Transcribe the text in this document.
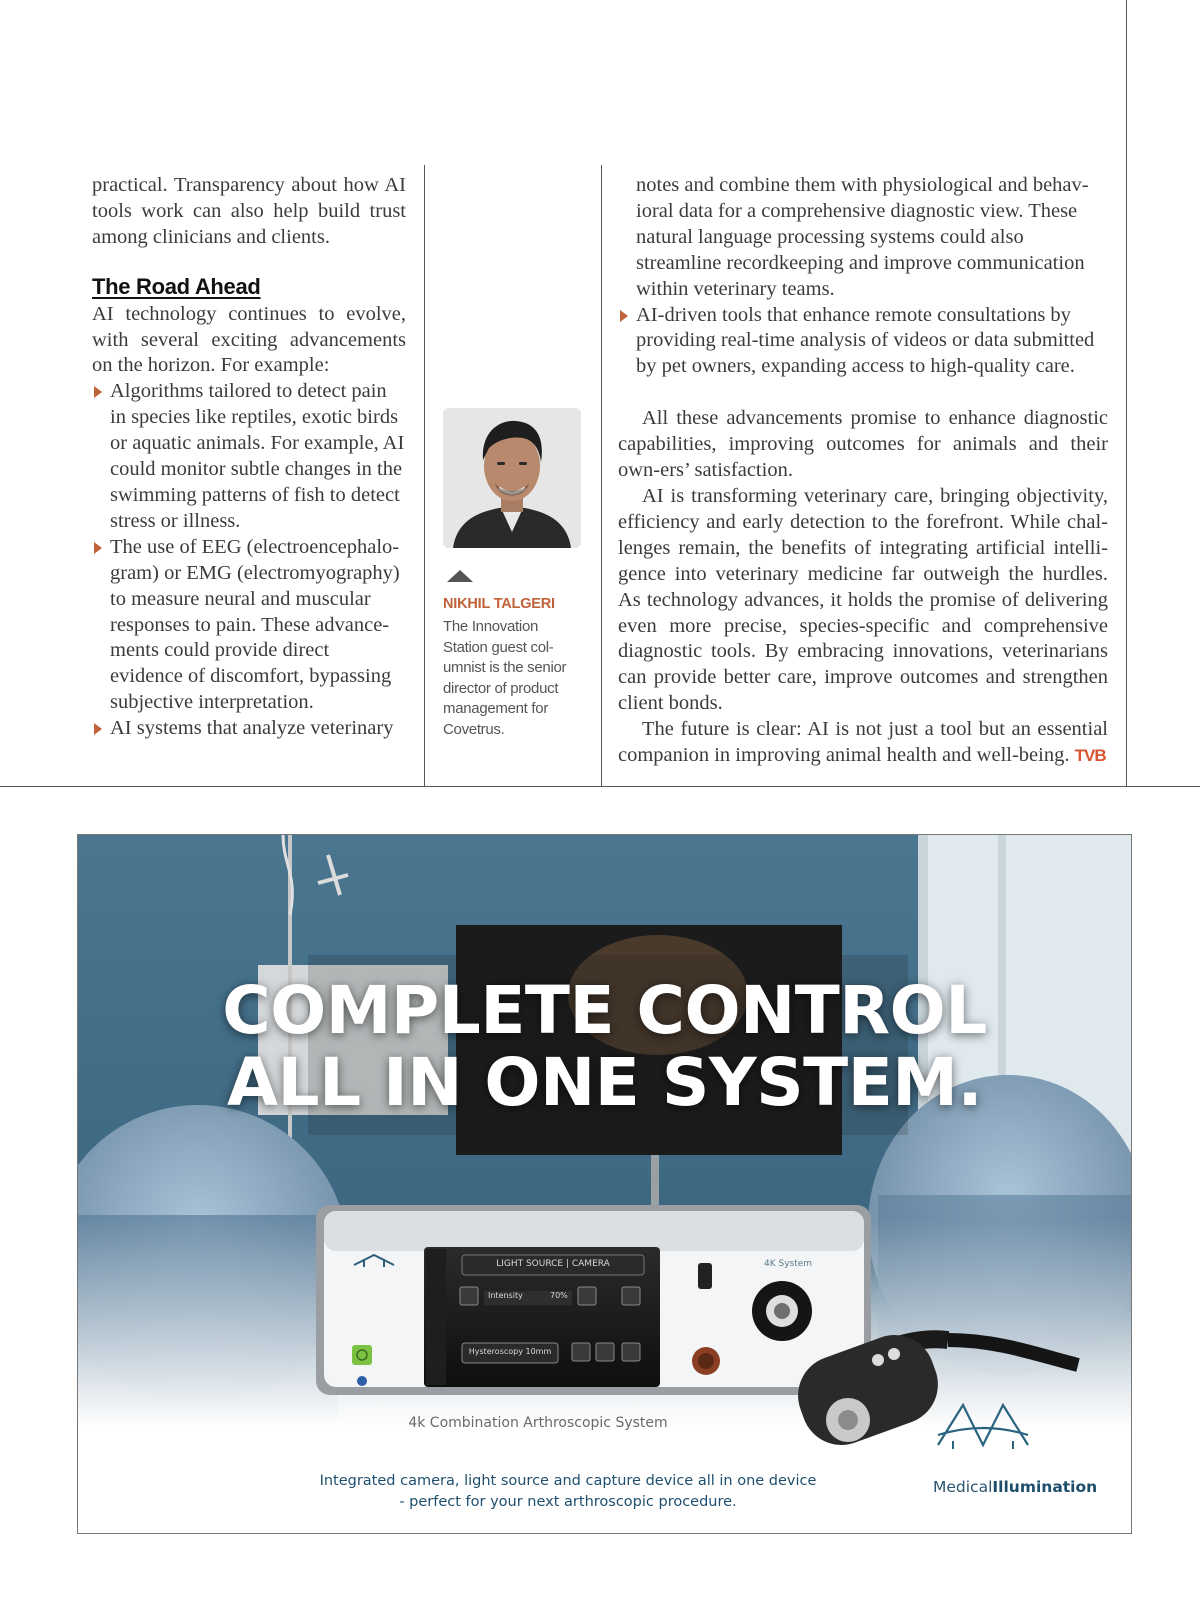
practical. Transparency about how AI tools work can also help build trust among clinicians and clients.

The Road Ahead

AI technology continues to evolve, with several exciting advancements on the horizon. For example:

Algorithms tailored to detect pain in species like reptiles, exotic birds or aquatic animals. For example, AI could monitor subtle changes in the swimming patterns of fish to detect stress or illness.
The use of EEG (electroencephalo-gram) or EMG (electromyography) to measure neural and muscular responses to pain. These advance-ments could provide direct evidence of discomfort, bypassing subjective interpretation.
AI systems that analyze veterinary
NIKHIL TALGERI
The Innovation Station guest col-umnist is the senior director of product management for Covetrus.
notes and combine them with physiological and behav-ioral data for a comprehensive diagnostic view. These natural language processing systems could also streamline recordkeeping and improve communication within veterinary teams.
AI-driven tools that enhance remote consultations by providing real-time analysis of videos or data submitted by pet owners, expanding access to high-quality care.

All these advancements promise to enhance diagnostic capabilities, improving outcomes for animals and their own-ers’ satisfaction.

AI is transforming veterinary care, bringing objectivity, efficiency and early detection to the forefront. While chal-lenges remain, the benefits of integrating artificial intelli-gence into veterinary medicine far outweigh the hurdles. As technology advances, it holds the promise of delivering even more precise, species-specific and comprehensive diagnostic tools. By embracing innovations, veterinarians can provide better care, improve outcomes and strengthen client bonds.

The future is clear: AI is not just a tool but an essential companion in improving animal health and well-being. TVB

LIGHT SOURCE | CAMERA
Intensity	70%
Hysteroscopy 10mm
4K System
COMPLETE CONTROL
ALL IN ONE SYSTEM.
4k Combination Arthroscopic System
Integrated camera, light source and capture device all in one device
- perfect for your next arthroscopic procedure.
MedicalIllumination
